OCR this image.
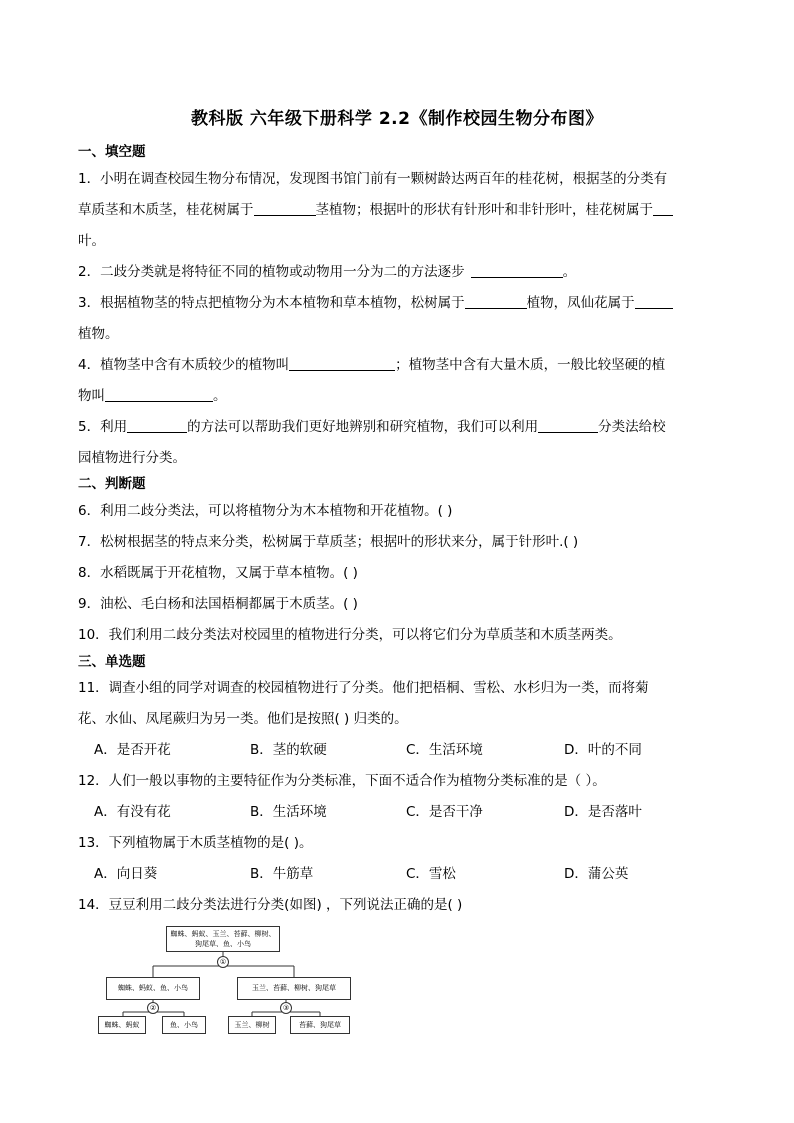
教科版 六年级下册科学 2.2《制作校园生物分布图》
一、填空题
1．小明在调查校园生物分布情况，发现图书馆门前有一颗树龄达两百年的桂花树，根据茎的分类有
草质茎和木质茎，桂花树属于	茎植物；根据叶的形状有针形叶和非针形叶，桂花树属于
叶。
2．二歧分类就是将特征不同的植物或动物用一分为二的方法逐步	。
3．根据植物茎的特点把植物分为木本植物和草本植物，松树属于	植物，凤仙花属于
植物。
4．植物茎中含有木质较少的植物叫	；植物茎中含有大量木质，一般比较坚硬的植
物叫	。
5．利用	的方法可以帮助我们更好地辨别和研究植物，我们可以利用	分类法给校
园植物进行分类。
二、判断题
6．利用二歧分类法，可以将植物分为木本植物和开花植物。( )
7．松树根据茎的特点来分类，松树属于草质茎；根据叶的形状来分，属于针形叶.( )
8．水稻既属于开花植物，又属于草本植物。( )
9．油松、毛白杨和法国梧桐都属于木质茎。( )
10．我们利用二歧分类法对校园里的植物进行分类，可以将它们分为草质茎和木质茎两类。
三、单选题
11．调查小组的同学对调查的校园植物进行了分类。他们把梧桐、雪松、水杉归为一类，而将菊
花、水仙、凤尾蕨归为另一类。他们是按照( ) 归类的。
A．是否开花	B．茎的软硬	C．生活环境	D．叶的不同
12．人们一般以事物的主要特征作为分类标准，下面不适合作为植物分类标准的是（ ）。
A．有没有花	B．生活环境	C．是否干净	D．是否落叶
13．下列植物属于木质茎植物的是( )。
A．向日葵	B．牛筋草	C．雪松	D．蒲公英
14．豆豆利用二歧分类法进行分类(如图) ，下列说法正确的是( )
蜘蛛、蚂蚁、玉兰、苔藓、柳树、狗尾草、鱼、小鸟
①
蜘蛛、蚂蚁、鱼、小鸟	玉兰、苔藓、柳树、狗尾草
②	③
蜘蛛、蚂蚁	鱼、小鸟	玉兰、柳树	苔藓、狗尾草
